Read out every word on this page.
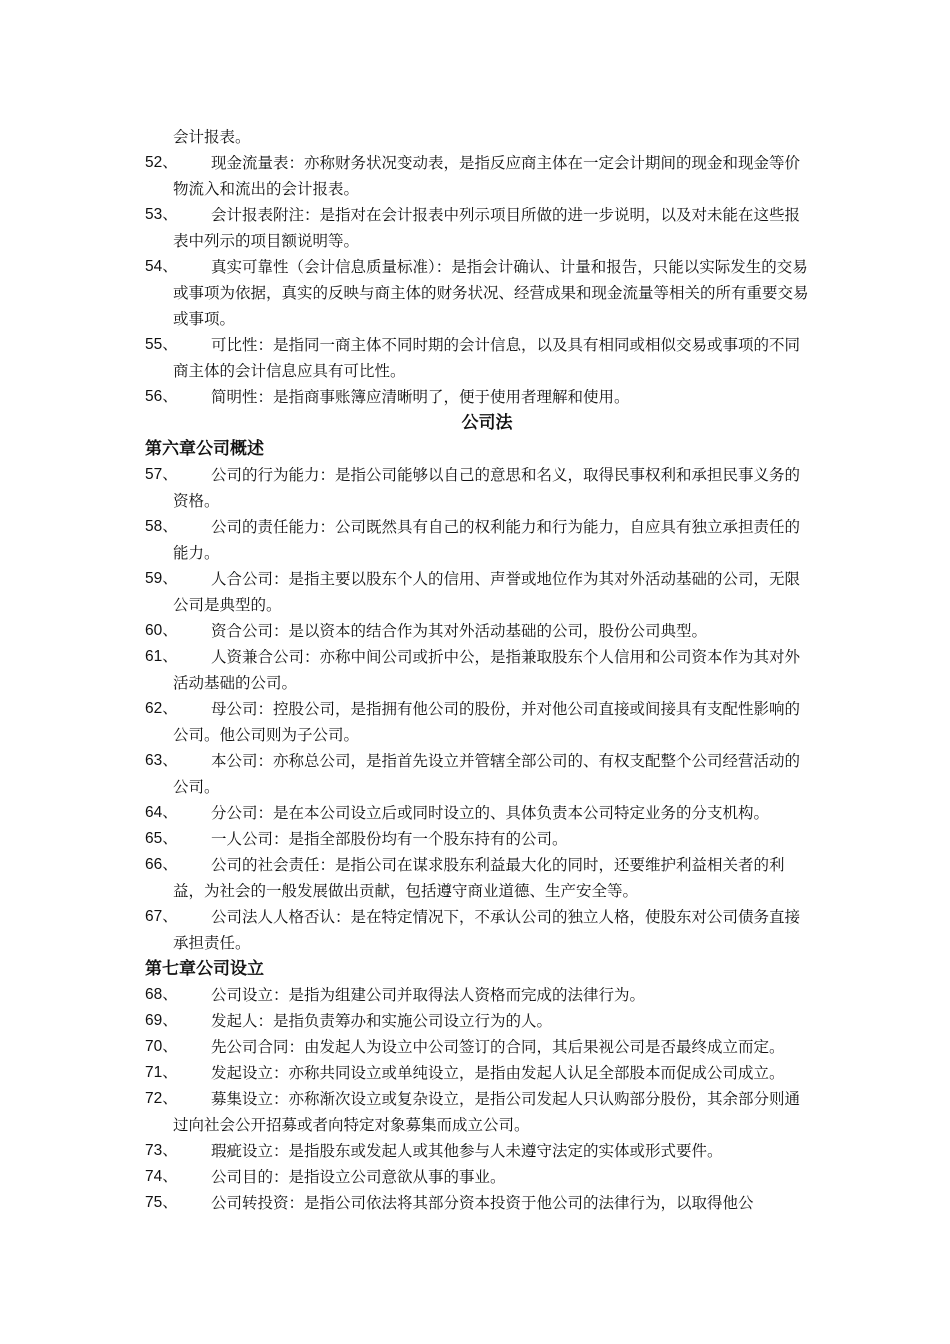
会计报表。

52、 现金流量表：亦称财务状况变动表，是指反应商主体在一定会计期间的现金和现金等价物流入和流出的会计报表。

53、 会计报表附注：是指对在会计报表中列示项目所做的进一步说明，以及对未能在这些报表中列示的项目额说明等。

54、 真实可靠性（会计信息质量标准）：是指会计确认、计量和报告，只能以实际发生的交易或事项为依据，真实的反映与商主体的财务状况、经营成果和现金流量等相关的所有重要交易或事项。

55、 可比性：是指同一商主体不同时期的会计信息，以及具有相同或相似交易或事项的不同商主体的会计信息应具有可比性。

56、 简明性：是指商事账簿应清晰明了，便于使用者理解和使用。

公司法
第六章公司概述

57、 公司的行为能力：是指公司能够以自己的意思和名义，取得民事权利和承担民事义务的资格。

58、 公司的责任能力：公司既然具有自己的权利能力和行为能力，自应具有独立承担责任的能力。

59、 人合公司：是指主要以股东个人的信用、声誉或地位作为其对外活动基础的公司，无限公司是典型的。

60、 资合公司：是以资本的结合作为其对外活动基础的公司，股份公司典型。

61、 人资兼合公司：亦称中间公司或折中公，是指兼取股东个人信用和公司资本作为其对外活动基础的公司。

62、 母公司：控股公司，是指拥有他公司的股份，并对他公司直接或间接具有支配性影响的公司。他公司则为子公司。

63、 本公司：亦称总公司，是指首先设立并管辖全部公司的、有权支配整个公司经营活动的公司。

64、 分公司：是在本公司设立后或同时设立的、具体负责本公司特定业务的分支机构。

65、 一人公司：是指全部股份均有一个股东持有的公司。

66、 公司的社会责任：是指公司在谋求股东利益最大化的同时，还要维护利益相关者的利益，为社会的一般发展做出贡献，包括遵守商业道德、生产安全等。

67、 公司法人人格否认：是在特定情况下，不承认公司的独立人格，使股东对公司债务直接承担责任。

第七章公司设立

68、 公司设立：是指为组建公司并取得法人资格而完成的法律行为。

69、 发起人：是指负责筹办和实施公司设立行为的人。

70、 先公司合同：由发起人为设立中公司签订的合同，其后果视公司是否最终成立而定。

71、 发起设立：亦称共同设立或单纯设立，是指由发起人认足全部股本而促成公司成立。

72、 募集设立：亦称渐次设立或复杂设立，是指公司发起人只认购部分股份，其余部分则通过向社会公开招募或者向特定对象募集而成立公司。

73、 瑕疵设立：是指股东或发起人或其他参与人未遵守法定的实体或形式要件。

74、 公司目的：是指设立公司意欲从事的事业。

75、 公司转投资：是指公司依法将其部分资本投资于他公司的法律行为，以取得他公
